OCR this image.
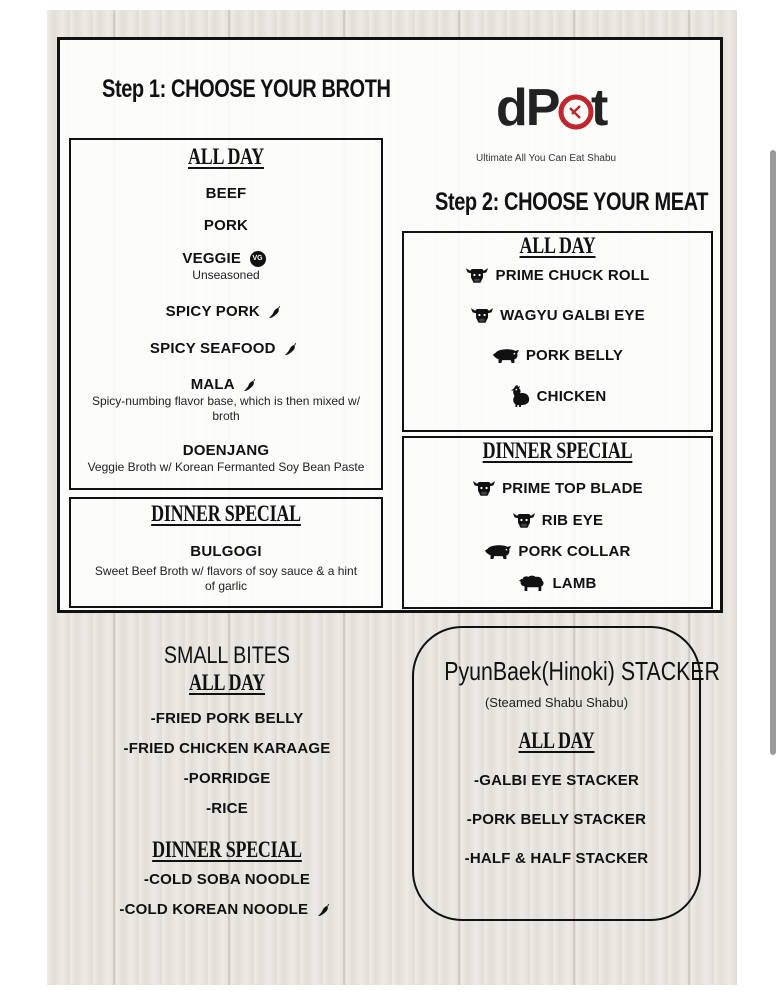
Step 1: CHOOSE YOUR BROTH dP t
Ultimate All You Can Eat Shabu
Step 2: CHOOSE YOUR MEAT
ALL DAY
BEEF
PORK
VEGGIE VG
Unseasoned
SPICY PORK
SPICY SEAFOOD
MALA
Spicy-numbing flavor base, which is then mixed w/ broth
DOENJANG
Veggie Broth w/ Korean Fermanted Soy Bean Paste
DINNER SPECIAL
BULGOGI
Sweet Beef Broth w/ flavors of soy sauce & a hint of garlic
ALL DAY
PRIME CHUCK ROLL
WAGYU GALBI EYE
PORK BELLY
CHICKEN
DINNER SPECIAL
PRIME TOP BLADE
RIB EYE
PORK COLLAR
LAMB
SMALL BITES
ALL DAY
-FRIED PORK BELLY
-FRIED CHICKEN KARAAGE
-PORRIDGE
-RICE
DINNER SPECIAL
-COLD SOBA NOODLE
-COLD KOREAN NOODLE
PyunBaek(Hinoki) STACKER
(Steamed Shabu Shabu)
ALL DAY
-GALBI EYE STACKER
-PORK BELLY STACKER
-HALF & HALF STACKER
